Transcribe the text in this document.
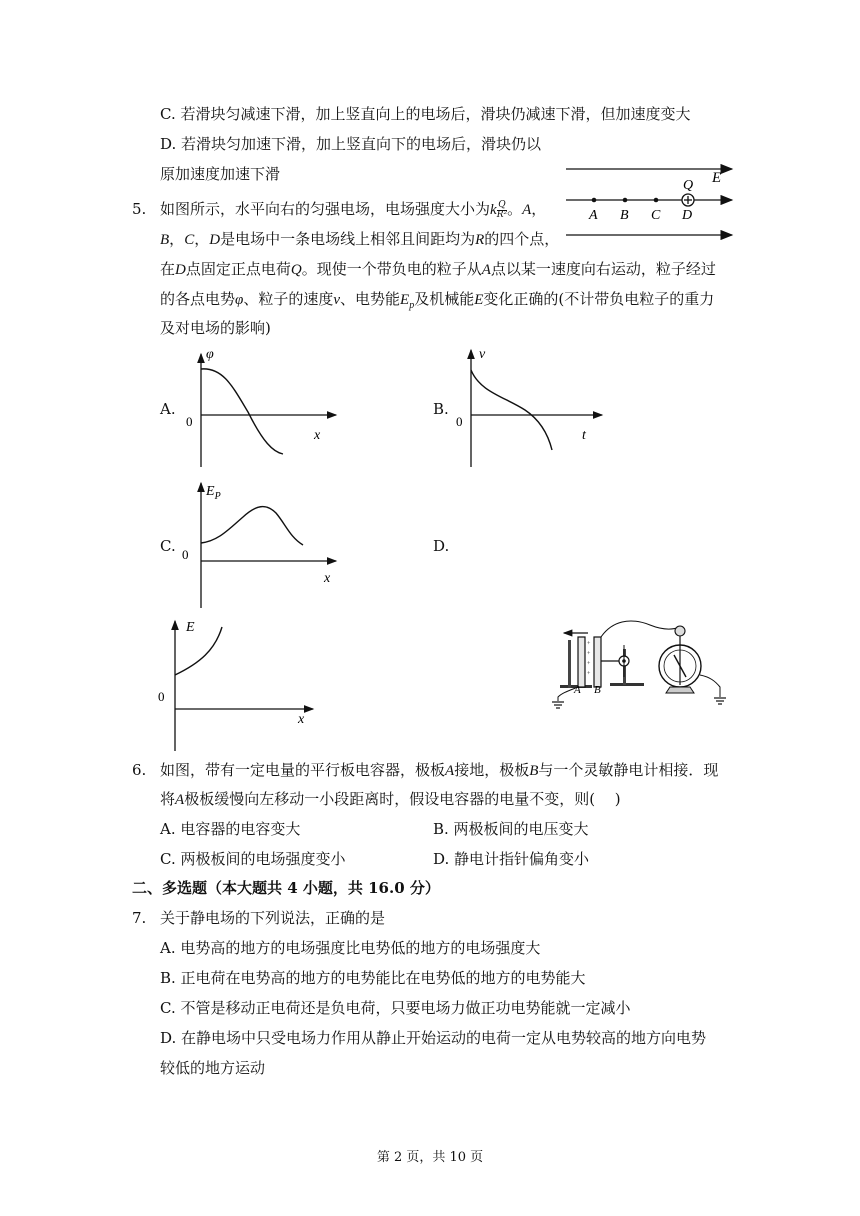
C. 若滑块匀减速下滑，加上竖直向上的电场后，滑块仍减速下滑，但加速度变大
D. 若滑块匀加速下滑，加上竖直向下的电场后，滑块仍以
原加速度加速下滑	E
Q
A B C D
5. 如图所示，水平向右的匀强电场，电场强度大小为k $\frac{Q}{\text{R²}}$ 。A，
B，C，D是电场中一条电场线上相邻且间距均为R的四个点，
在D点固定正点电荷Q。现使一个带负电的粒子从A点以某一速度向右运动，粒子经过
的各点电势φ、粒子的速度v、电势能$E_p$及机械能E变化正确的(不计带负电粒子的重力
及对电场的影响)
A.
φ
x
0
B.
v
t
0
C.
$E_P$
x
0	D.
E
x
0
+
+
+
+
A B
6. 如图，带有一定电量的平行板电容器，极板A接地，极板B与一个灵敏静电计相接．现
将A极板缓慢向左移动一小段距离时，假设电容器的电量不变，则(　 )
A. 电容器的电容变大	B. 两极板间的电压变大
C. 两极板间的电场强度变小	D. 静电计指针偏角变小
二、多选题（本大题共 4 小题，共 16.0 分）
7. 关于静电场的下列说法，正确的是
A. 电势高的地方的电场强度比电势低的地方的电场强度大
B. 正电荷在电势高的地方的电势能比在电势低的地方的电势能大
C. 不管是移动正电荷还是负电荷，只要电场力做正功电势能就一定减小
D. 在静电场中只受电场力作用从静止开始运动的电荷一定从电势较高的地方向电势
较低的地方运动
第 2 页，共 10 页
